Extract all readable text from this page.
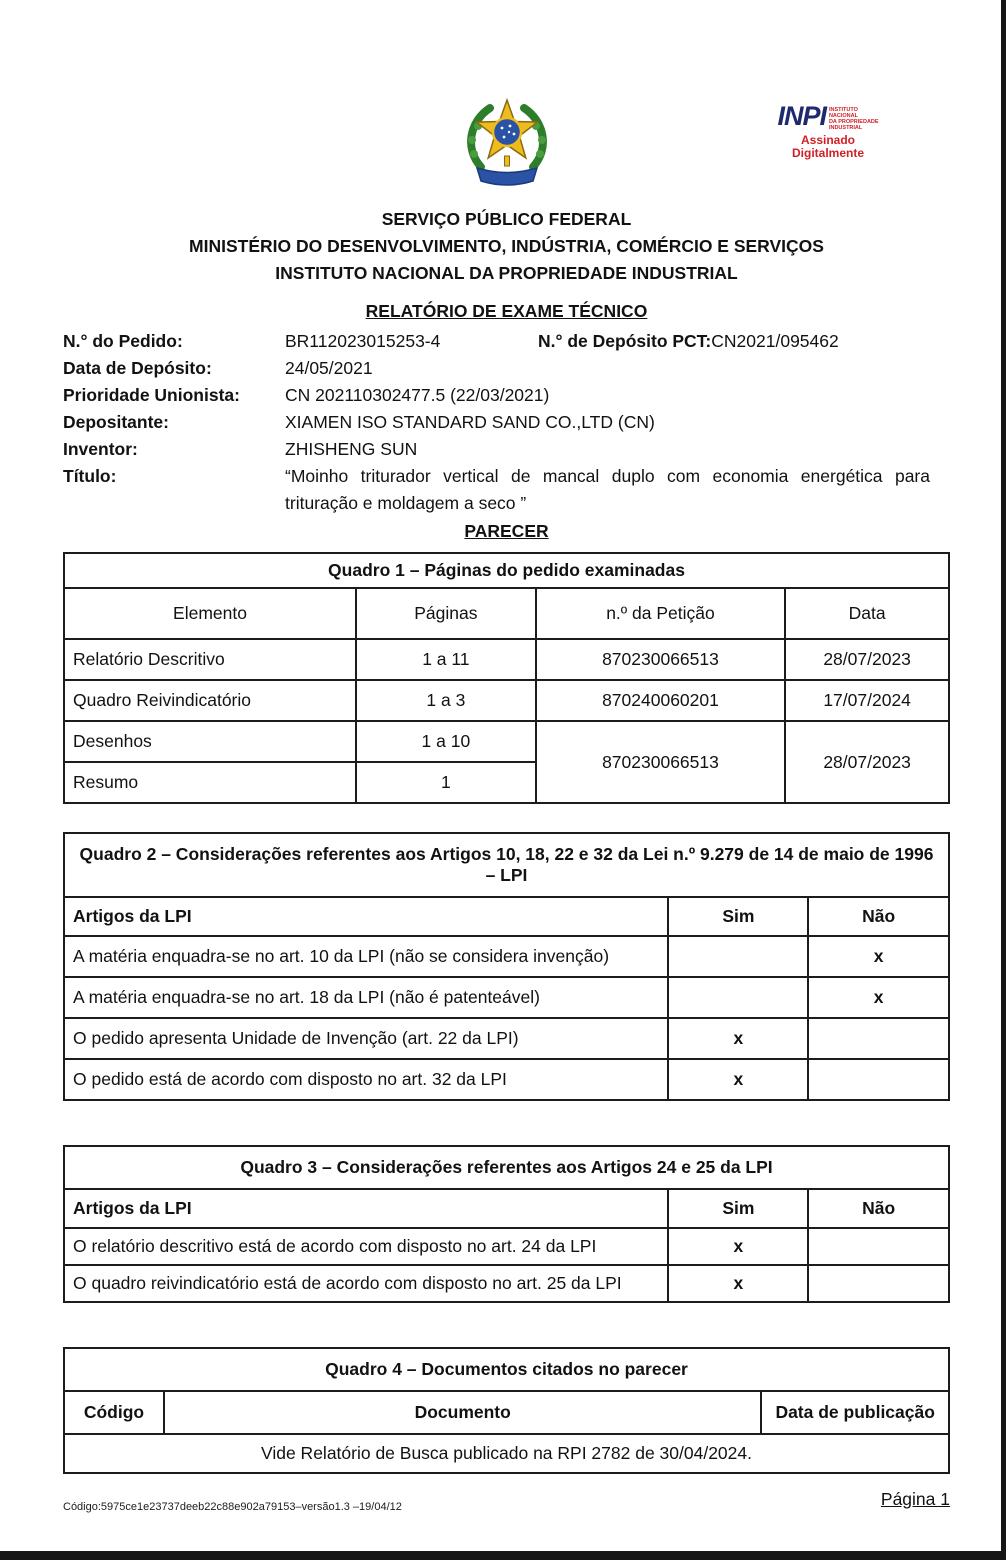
INPI INSTITUTO
NACIONAL
DA PROPRIEDADE
INDUSTRIAL
Assinado
Digitalmente
SERVIÇO PÚBLICO FEDERAL
MINISTÉRIO DO DESENVOLVIMENTO, INDÚSTRIA, COMÉRCIO E SERVIÇOS
INSTITUTO NACIONAL DA PROPRIEDADE INDUSTRIAL
RELATÓRIO DE EXAME TÉCNICO
N.° do Pedido:	BR112023015253-4	N.° de Depósito PCT: CN2021/095462
Data de Depósito:	24/05/2021
Prioridade Unionista:	CN 202110302477.5 (22/03/2021)
Depositante:	XIAMEN ISO STANDARD SAND CO.,LTD (CN)
Inventor:	ZHISHENG SUN
Título:	“Moinho triturador vertical de mancal duplo com economia energética para trituração e moldagem a seco ”
PARECER
Quadro 1 – Páginas do pedido examinadas			
Elemento	Páginas	n.º da Petição	Data
Relatório Descritivo	1 a 11	870230066513	28/07/2023
Quadro Reivindicatório	1 a 3	870240060201	17/07/2024
Desenhos	1 a 10	870230066513	28/07/2023
Resumo	1		
Quadro 2 – Considerações referentes aos Artigos 10, 18, 22 e 32 da Lei n.º 9.279 de 14 de maio de 1996 – LPI		
Artigos da LPI	Sim	Não
A matéria enquadra-se no art. 10 da LPI (não se considera invenção)		x
A matéria enquadra-se no art. 18 da LPI (não é patenteável)		x
O pedido apresenta Unidade de Invenção (art. 22 da LPI)	x	
O pedido está de acordo com disposto no art. 32 da LPI	x	
Quadro 3 – Considerações referentes aos Artigos 24 e 25 da LPI		
Artigos da LPI	Sim	Não
O relatório descritivo está de acordo com disposto no art. 24 da LPI	x	
O quadro reivindicatório está de acordo com disposto no art. 25 da LPI	x	
Quadro 4 – Documentos citados no parecer
Código	Documento	Data de publicação
Vide Relatório de Busca publicado na RPI 2782 de 30/04/2024.
Código:5975ce1e23737deeb22c88e902a79153–versão1.3 –19/04/12	Página 1
